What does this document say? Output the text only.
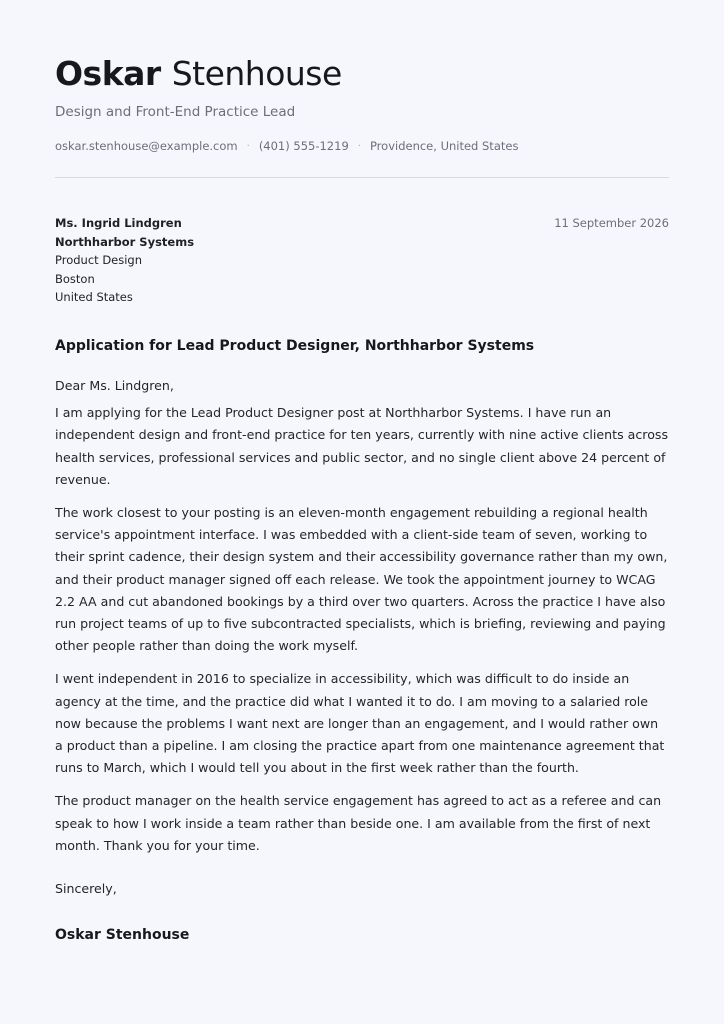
Oskar Stenhouse
Design and Front-End Practice Lead
oskar.stenhouse@example.com · (401) 555-1219 · Providence, United States
Ms. Ingrid Lindgren
Northharbor Systems
Product Design
Boston
United States
11 September 2026
Application for Lead Product Designer, Northharbor Systems

Dear Ms. Lindgren,

I am applying for the Lead Product Designer post at Northharbor Systems. I have run an independent design and front-end practice for ten years, currently with nine active clients across health services, professional services and public sector, and no single client above 24 percent of revenue.

The work closest to your posting is an eleven-month engagement rebuilding a regional health service's appointment interface. I was embedded with a client-side team of seven, working to their sprint cadence, their design system and their accessibility governance rather than my own, and their product manager signed off each release. We took the appointment journey to WCAG 2.2 AA and cut abandoned bookings by a third over two quarters. Across the practice I have also run project teams of up to five subcontracted specialists, which is briefing, reviewing and paying other people rather than doing the work myself.

I went independent in 2016 to specialize in accessibility, which was difficult to do inside an agency at the time, and the practice did what I wanted it to do. I am moving to a salaried role now because the problems I want next are longer than an engagement, and I would rather own a product than a pipeline. I am closing the practice apart from one maintenance agreement that runs to March, which I would tell you about in the first week rather than the fourth.

The product manager on the health service engagement has agreed to act as a referee and can speak to how I work inside a team rather than beside one. I am available from the first of next month. Thank you for your time.

Sincerely,
Oskar Stenhouse
